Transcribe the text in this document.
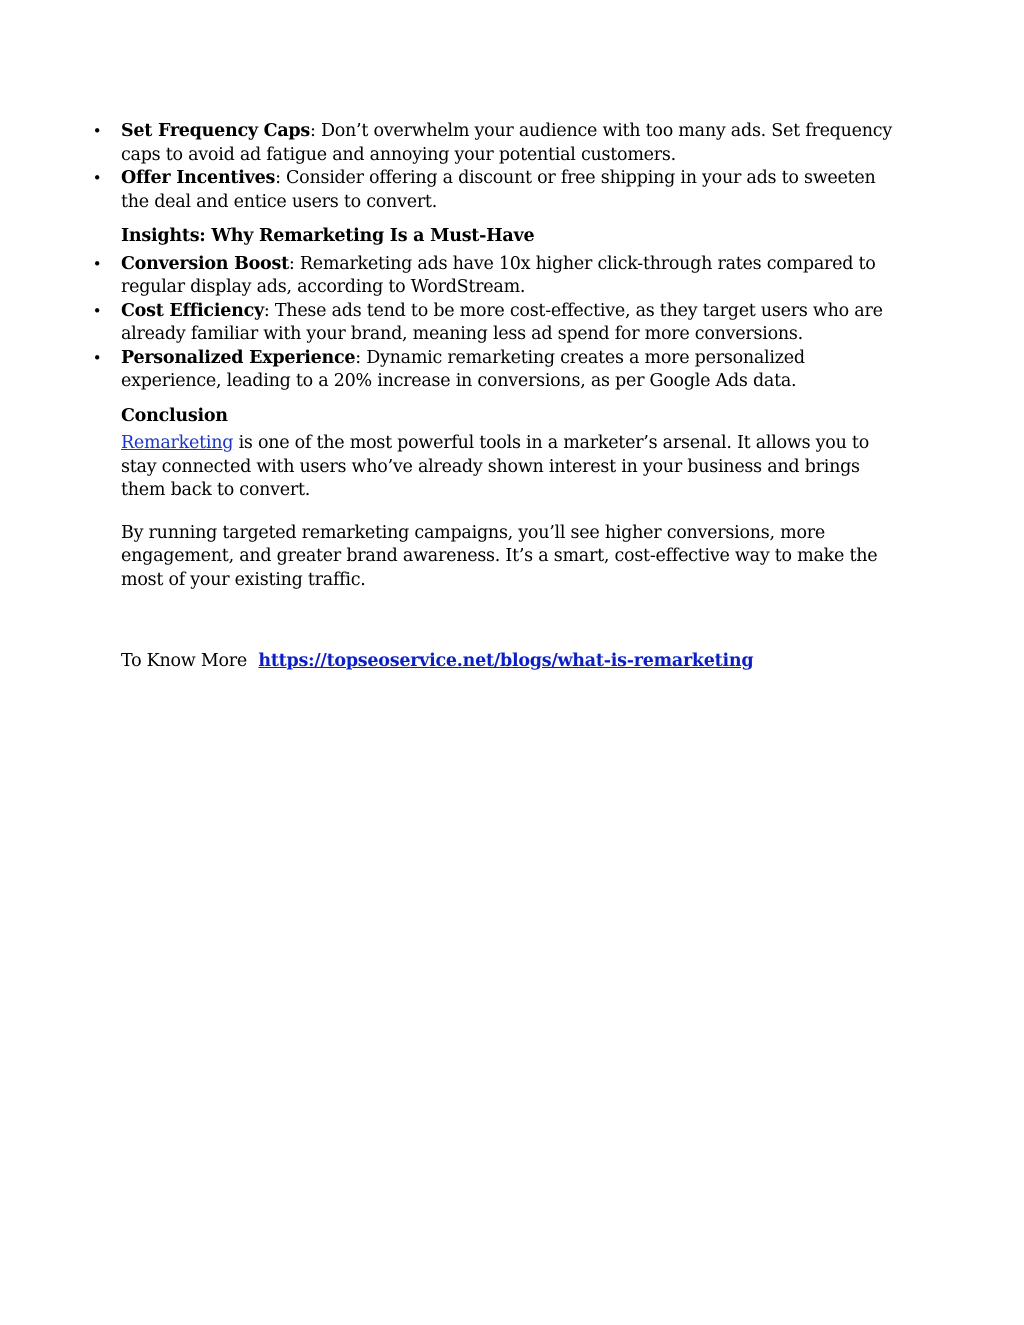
• Set Frequency Caps: Don’t overwhelm your audience with too many ads. Set frequency caps to avoid ad fatigue and annoying your potential customers.
• Offer Incentives: Consider offering a discount or free shipping in your ads to sweeten the deal and entice users to convert.
Insights: Why Remarketing Is a Must-Have
• Conversion Boost: Remarketing ads have 10x higher click-through rates compared to regular display ads, according to WordStream.
• Cost Efficiency: These ads tend to be more cost-effective, as they target users who are already familiar with your brand, meaning less ad spend for more conversions.
• Personalized Experience: Dynamic remarketing creates a more personalized experience, leading to a 20% increase in conversions, as per Google Ads data.
Conclusion

Remarketing is one of the most powerful tools in a marketer’s arsenal. It allows you to stay connected with users who’ve already shown interest in your business and brings them back to convert.

By running targeted remarketing campaigns, you’ll see higher conversions, more engagement, and greater brand awareness. It’s a smart, cost-effective way to make the most of your existing traffic.

To Know More https://topseoservice.net/blogs/what-is-remarketing
